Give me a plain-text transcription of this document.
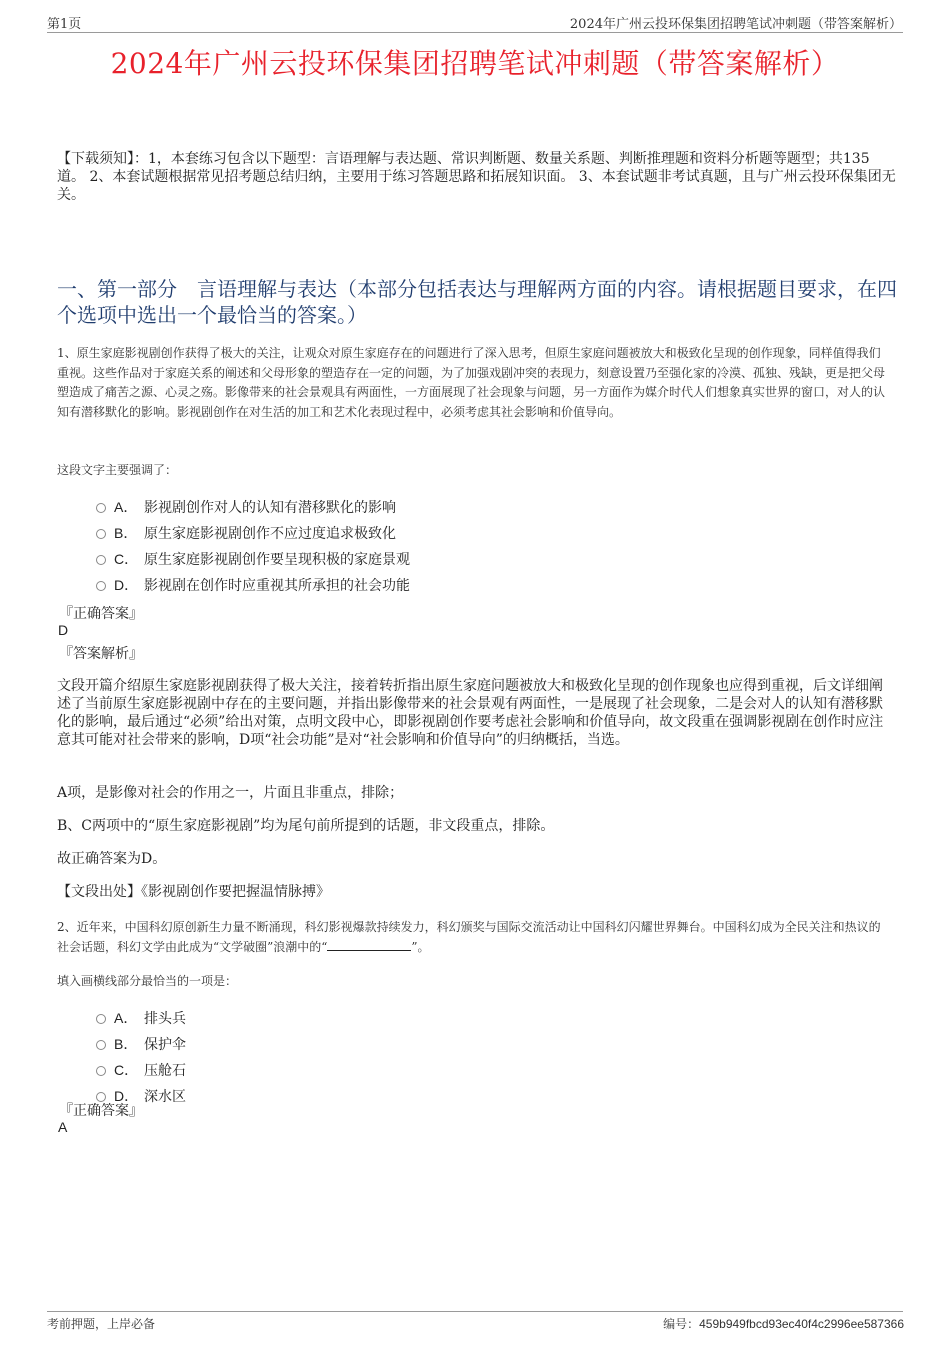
第1页	2024年广州云投环保集团招聘笔试冲刺题（带答案解析）
2024年广州云投环保集团招聘笔试冲刺题（带答案解析）
【下载须知】：1，本套练习包含以下题型：言语理解与表达题、常识判断题、数量关系题、判断推理题和资料分析题等题型；共135道。 2、本套试题根据常见招考题总结归纳，主要用于练习答题思路和拓展知识面。 3、本套试题非考试真题，且与广州云投环保集团无关。
一、第一部分　言语理解与表达（本部分包括表达与理解两方面的内容。请根据题目要求，在四个选项中选出一个最恰当的答案。）
1、原生家庭影视剧创作获得了极大的关注，让观众对原生家庭存在的问题进行了深入思考，但原生家庭问题被放大和极致化呈现的创作现象，同样值得我们重视。这些作品对于家庭关系的阐述和父母形象的塑造存在一定的问题，为了加强戏剧冲突的表现力，刻意设置乃至强化家的冷漠、孤独、残缺，更是把父母塑造成了痛苦之源、心灵之殇。影像带来的社会景观具有两面性，一方面展现了社会现象与问题，另一方面作为媒介时代人们想象真实世界的窗口，对人的认知有潜移默化的影响。影视剧创作在对生活的加工和艺术化表现过程中，必须考虑其社会影响和价值导向。
这段文字主要强调了：
A． 影视剧创作对人的认知有潜移默化的影响
B． 原生家庭影视剧创作不应过度追求极致化
C． 原生家庭影视剧创作要呈现积极的家庭景观
D． 影视剧在创作时应重视其所承担的社会功能
『正确答案』
D
『答案解析』
文段开篇介绍原生家庭影视剧获得了极大关注，接着转折指出原生家庭问题被放大和极致化呈现的创作现象也应得到重视，后文详细阐述了当前原生家庭影视剧中存在的主要问题，并指出影像带来的社会景观有两面性，一是展现了社会现象，二是会对人的认知有潜移默化的影响，最后通过“必须”给出对策，点明文段中心，即影视剧创作要考虑社会影响和价值导向，故文段重在强调影视剧在创作时应注意其可能对社会带来的影响，D项“社会功能”是对“社会影响和价值导向”的归纳概括，当选。
A项，是影像对社会的作用之一，片面且非重点，排除；
B、C两项中的“原生家庭影视剧”均为尾句前所提到的话题，非文段重点，排除。
故正确答案为D。
【文段出处】《影视剧创作要把握温情脉搏》
2、近年来，中国科幻原创新生力量不断涌现，科幻影视爆款持续发力，科幻颁奖与国际交流活动让中国科幻闪耀世界舞台。中国科幻成为全民关注和热议的社会话题，科幻文学由此成为“文学破圈”浪潮中的“	”。
填入画横线部分最恰当的一项是：
A． 排头兵
B． 保护伞
C． 压舱石
D． 深水区
『正确答案』
A
考前押题，上岸必备	编号：459b949fbcd93ec40f4c2996ee587366
